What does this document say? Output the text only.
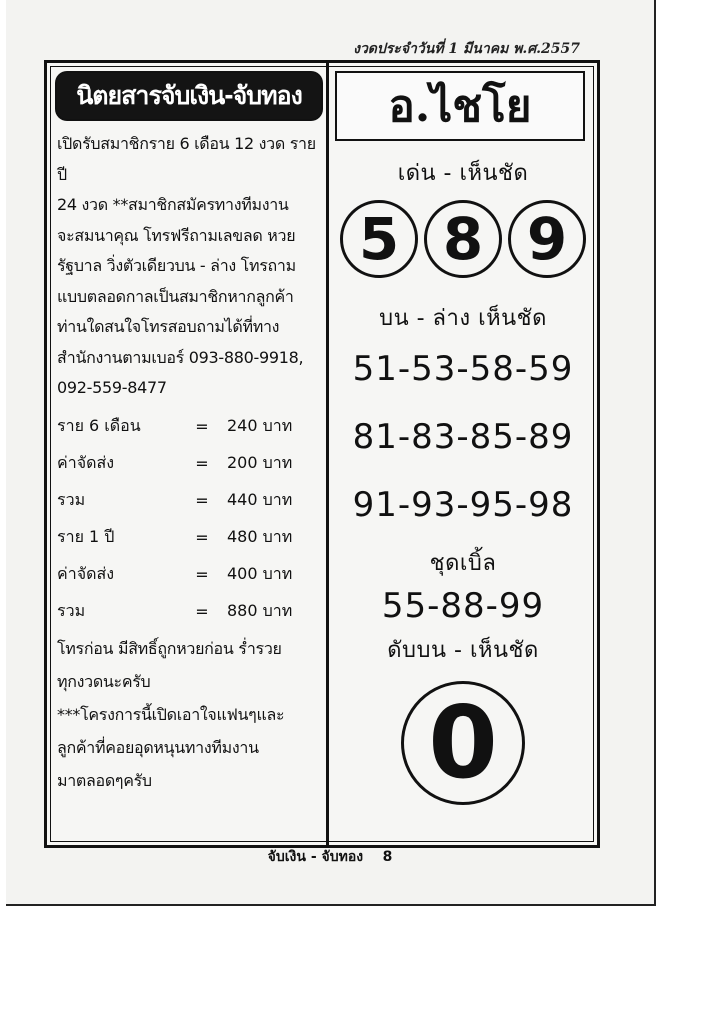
งวดประจำวันที่ 1 มีนาคม พ.ศ.2557
นิตยสารจับเงิน-จับทอง
เปิดรับสมาชิกราย 6 เดือน 12 งวด รายปี
24 งวด **สมาชิกสมัครทางทีมงาน
จะสมนาคุณ โทรฟรีถามเลขลด หวย
รัฐบาล วิ่งตัวเดียวบน - ล่าง โทรถาม
แบบตลอดกาลเป็นสมาชิกหากลูกค้า
ท่านใดสนใจโทรสอบถามได้ที่ทาง
สำนักงานตามเบอร์ 093-880-9918,
092-559-8477
ราย 6 เดือน	=	240 บาท
ค่าจัดส่ง	=	200 บาท
รวม	=	440 บาท
ราย 1 ปี	=	480 บาท
ค่าจัดส่ง	=	400 บาท
รวม	=	880 บาท
โทรก่อน มีสิทธิ์ถูกหวยก่อน ร่ำรวย
ทุกงวดนะครับ
***โครงการนี้เปิดเอาใจแฟนๆและ
ลูกค้าที่คอยอุดหนุนทางทีมงาน
มาตลอดๆครับ
อ.ไชโย
เด่น - เห็นชัด
5 8 9
บน - ล่าง เห็นชัด
51-53-58-59
81-83-85-89
91-93-95-98
ชุดเบิ้ล
55-88-99
ดับบน - เห็นชัด
0
จับเงิน - จับทอง    8
